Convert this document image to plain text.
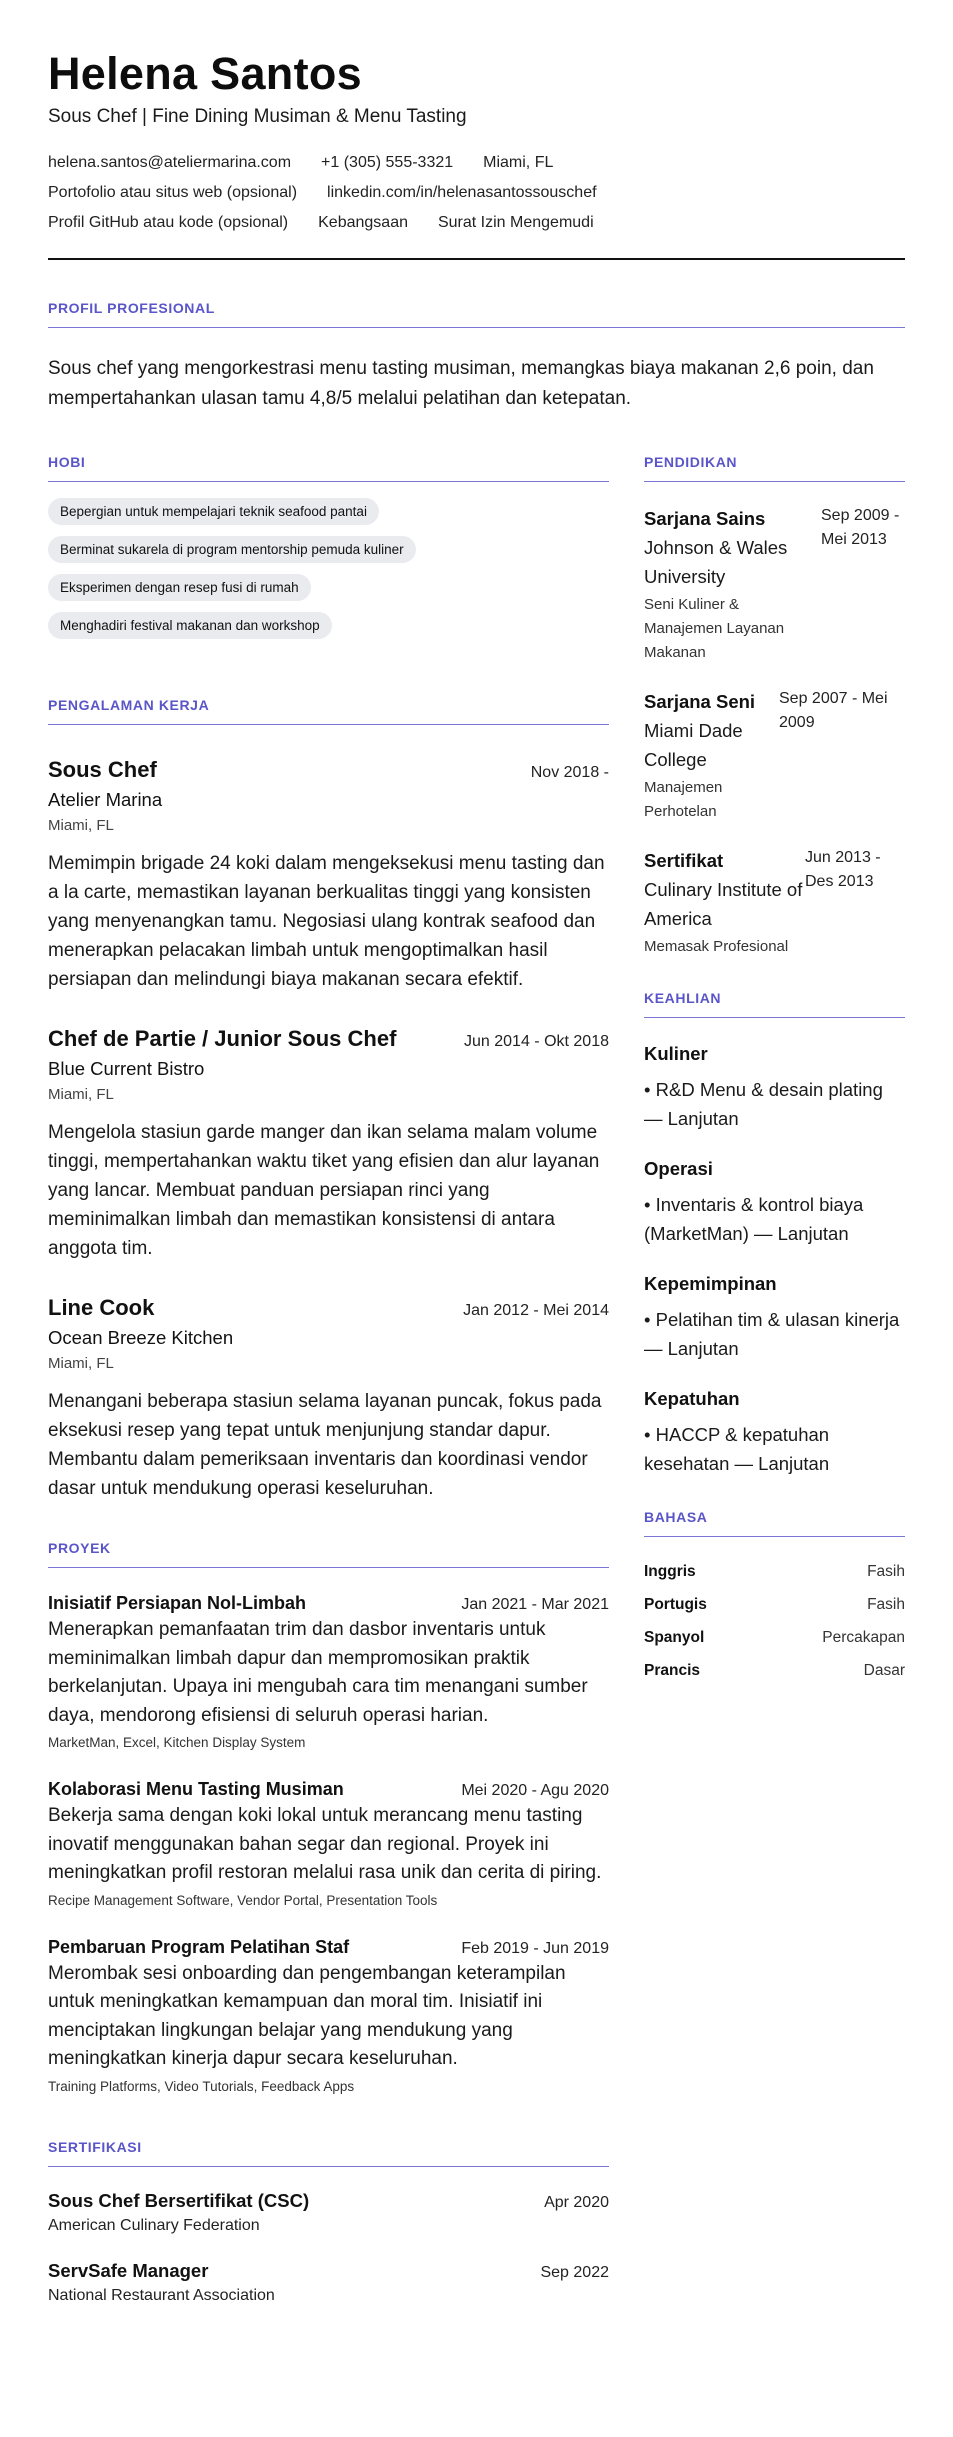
Helena Santos
Sous Chef | Fine Dining Musiman & Menu Tasting
helena.santos@ateliermarina.com +1 (305) 555-3321 Miami, FL
Portofolio atau situs web (opsional) linkedin.com/in/helenasantossouschef
Profil GitHub atau kode (opsional) Kebangsaan Surat Izin Mengemudi
PROFIL PROFESIONAL

Sous chef yang mengorkestrasi menu tasting musiman, memangkas biaya makanan 2,6 poin, dan mempertahankan ulasan tamu 4,8/5 melalui pelatihan dan ketepatan.

HOBI
Bepergian untuk mempelajari teknik seafood pantai
Berminat sukarela di program mentorship pemuda kuliner
Eksperimen dengan resep fusi di rumah
Menghadiri festival makanan dan workshop
PENGALAMAN KERJA
Sous Chef	Nov 2018 -
Atelier Marina
Miami, FL

Memimpin brigade 24 koki dalam mengeksekusi menu tasting dan a la carte, memastikan layanan berkualitas tinggi yang konsisten yang menyenangkan tamu. Negosiasi ulang kontrak seafood dan menerapkan pelacakan limbah untuk mengoptimalkan hasil persiapan dan melindungi biaya makanan secara efektif.

Chef de Partie / Junior Sous Chef	Jun 2014 - Okt 2018
Blue Current Bistro
Miami, FL

Mengelola stasiun garde manger dan ikan selama malam volume tinggi, mempertahankan waktu tiket yang efisien dan alur layanan yang lancar. Membuat panduan persiapan rinci yang meminimalkan limbah dan memastikan konsistensi di antara anggota tim.

Line Cook	Jan 2012 - Mei 2014
Ocean Breeze Kitchen
Miami, FL

Menangani beberapa stasiun selama layanan puncak, fokus pada eksekusi resep yang tepat untuk menjunjung standar dapur. Membantu dalam pemeriksaan inventaris dan koordinasi vendor dasar untuk mendukung operasi keseluruhan.

PROYEK
Inisiatif Persiapan Nol-Limbah	Jan 2021 - Mar 2021

Menerapkan pemanfaatan trim dan dasbor inventaris untuk meminimalkan limbah dapur dan mempromosikan praktik berkelanjutan. Upaya ini mengubah cara tim menangani sumber daya, mendorong efisiensi di seluruh operasi harian.

MarketMan, Excel, Kitchen Display System
Kolaborasi Menu Tasting Musiman	Mei 2020 - Agu 2020

Bekerja sama dengan koki lokal untuk merancang menu tasting inovatif menggunakan bahan segar dan regional. Proyek ini meningkatkan profil restoran melalui rasa unik dan cerita di piring.

Recipe Management Software, Vendor Portal, Presentation Tools
Pembaruan Program Pelatihan Staf	Feb 2019 - Jun 2019

Merombak sesi onboarding dan pengembangan keterampilan untuk meningkatkan kemampuan dan moral tim. Inisiatif ini menciptakan lingkungan belajar yang mendukung yang meningkatkan kinerja dapur secara keseluruhan.

Training Platforms, Video Tutorials, Feedback Apps
SERTIFIKASI
Sous Chef Bersertifikat (CSC)	Apr 2020
American Culinary Federation
ServSafe Manager	Sep 2022
National Restaurant Association
PENDIDIKAN
Sarjana Sains
Johnson & Wales University
Seni Kuliner & Manajemen Layanan Makanan
Sep 2009 - Mei 2013
Sarjana Seni
Miami Dade College
Manajemen Perhotelan
Sep 2007 - Mei 2009
Sertifikat
Culinary Institute of America
Memasak Profesional
Jun 2013 - Des 2013
KEAHLIAN
Kuliner
• R&D Menu & desain plating — Lanjutan
Operasi
• Inventaris & kontrol biaya (MarketMan) — Lanjutan
Kepemimpinan
• Pelatihan tim & ulasan kinerja — Lanjutan
Kepatuhan
• HACCP & kepatuhan kesehatan — Lanjutan
BAHASA
Inggris	Fasih
Portugis	Fasih
Spanyol	Percakapan
Prancis	Dasar
